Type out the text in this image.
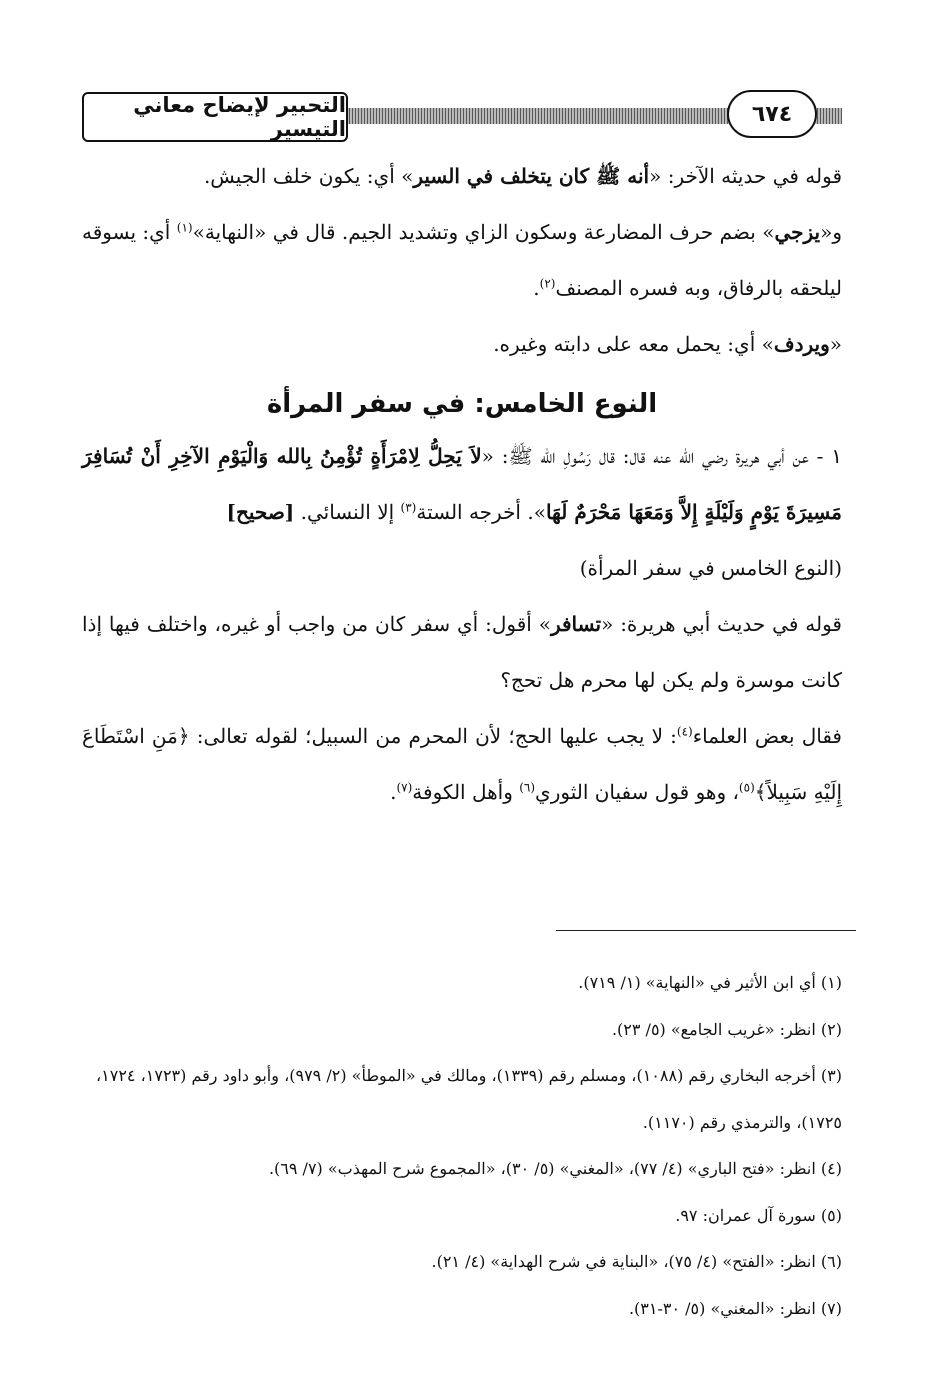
التحبير لإيضاح معاني التيسير
٦٧٤

قوله في حديثه الآخر: «أنه ﷺ كان يتخلف في السير» أي: يكون خلف الجيش.

و«يزجي» بضم حرف المضارعة وسكون الزاي وتشديد الجيم. قال في «النهاية»$^{(١)}$ أي: يسوقه ليلحقه بالرفاق، وبه فسره المصنف$^{(٢)}$.

«ويردف» أي: يحمل معه على دابته وغيره.

النوع الخامس: في سفر المرأة

١ - عن أبي هريرة رضي الله عنه قال: قال رَسُولِ الله ﷺ: «لاَ يَحِلُّ لِامْرَأَةٍ تُؤْمِنُ بِالله وَالْيَوْمِ الآخِرِ أَنْ تُسَافِرَ مَسِيرَةَ يَوْمٍ وَلَيْلَةٍ إِلاَّ وَمَعَهَا مَحْرَمٌ لَهَا». أخرجه الستة$^{(٣)}$ إلا النسائي. [صحيح]

(النوع الخامس في سفر المرأة)

قوله في حديث أبي هريرة: «تسافر» أقول: أي سفر كان من واجب أو غيره، واختلف فيها إذا كانت موسرة ولم يكن لها محرم هل تحج؟

فقال بعض العلماء$^{(٤)}$: لا يجب عليها الحج؛ لأن المحرم من السبيل؛ لقوله تعالى: ﴿مَنِ اسْتَطَاعَ إِلَيْهِ سَبِيلاً﴾$^{(٥)}$، وهو قول سفيان الثوري$^{(٦)}$ وأهل الكوفة$^{(٧)}$.

(١) أي ابن الأثير في «النهاية» (١/ ٧١٩).

(٢) انظر: «غريب الجامع» (٥/ ٢٣).

(٣) أخرجه البخاري رقم (١٠٨٨)، ومسلم رقم (١٣٣٩)، ومالك في «الموطأ» (٢/ ٩٧٩)، وأبو داود رقم (١٧٢٣، ١٧٢٤، ١٧٢٥)، والترمذي رقم (١١٧٠).

(٤) انظر: «فتح الباري» (٤/ ٧٧)، «المغني» (٥/ ٣٠)، «المجموع شرح المهذب» (٧/ ٦٩).

(٥) سورة آل عمران: ٩٧.

(٦) انظر: «الفتح» (٤/ ٧٥)، «البناية في شرح الهداية» (٤/ ٢١).

(٧) انظر: «المغني» (٥/ ٣٠-٣١).
